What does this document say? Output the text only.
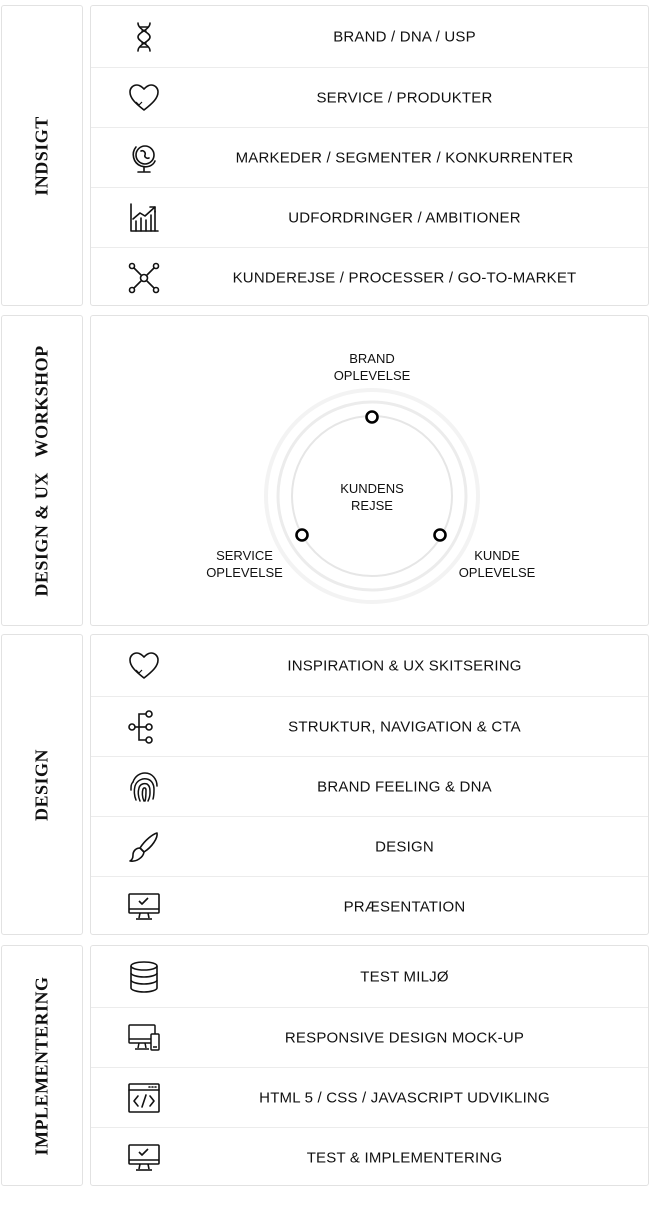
INDSIGT
BRAND / DNA / USP
SERVICE / PRODUKTER
MARKEDER / SEGMENTER / KONKURRENTER
UDFORDRINGER / AMBITIONER
KUNDEREJSE / PROCESSER / GO-TO-MARKET
DESIGN & UX   WORKSHOP	BRAND
OPLEVELSE
KUNDENS
REJSE
SERVICE
OPLEVELSE
KUNDE
OPLEVELSE
DESIGN
INSPIRATION & UX SKITSERING
STRUKTUR, NAVIGATION & CTA
BRAND FEELING & DNA
DESIGN
PRÆSENTATION
IMPLEMENTERING	TEST MILJØ
RESPONSIVE DESIGN MOCK-UP
HTML 5 / CSS / JAVASCRIPT UDVIKLING
TEST & IMPLEMENTERING
